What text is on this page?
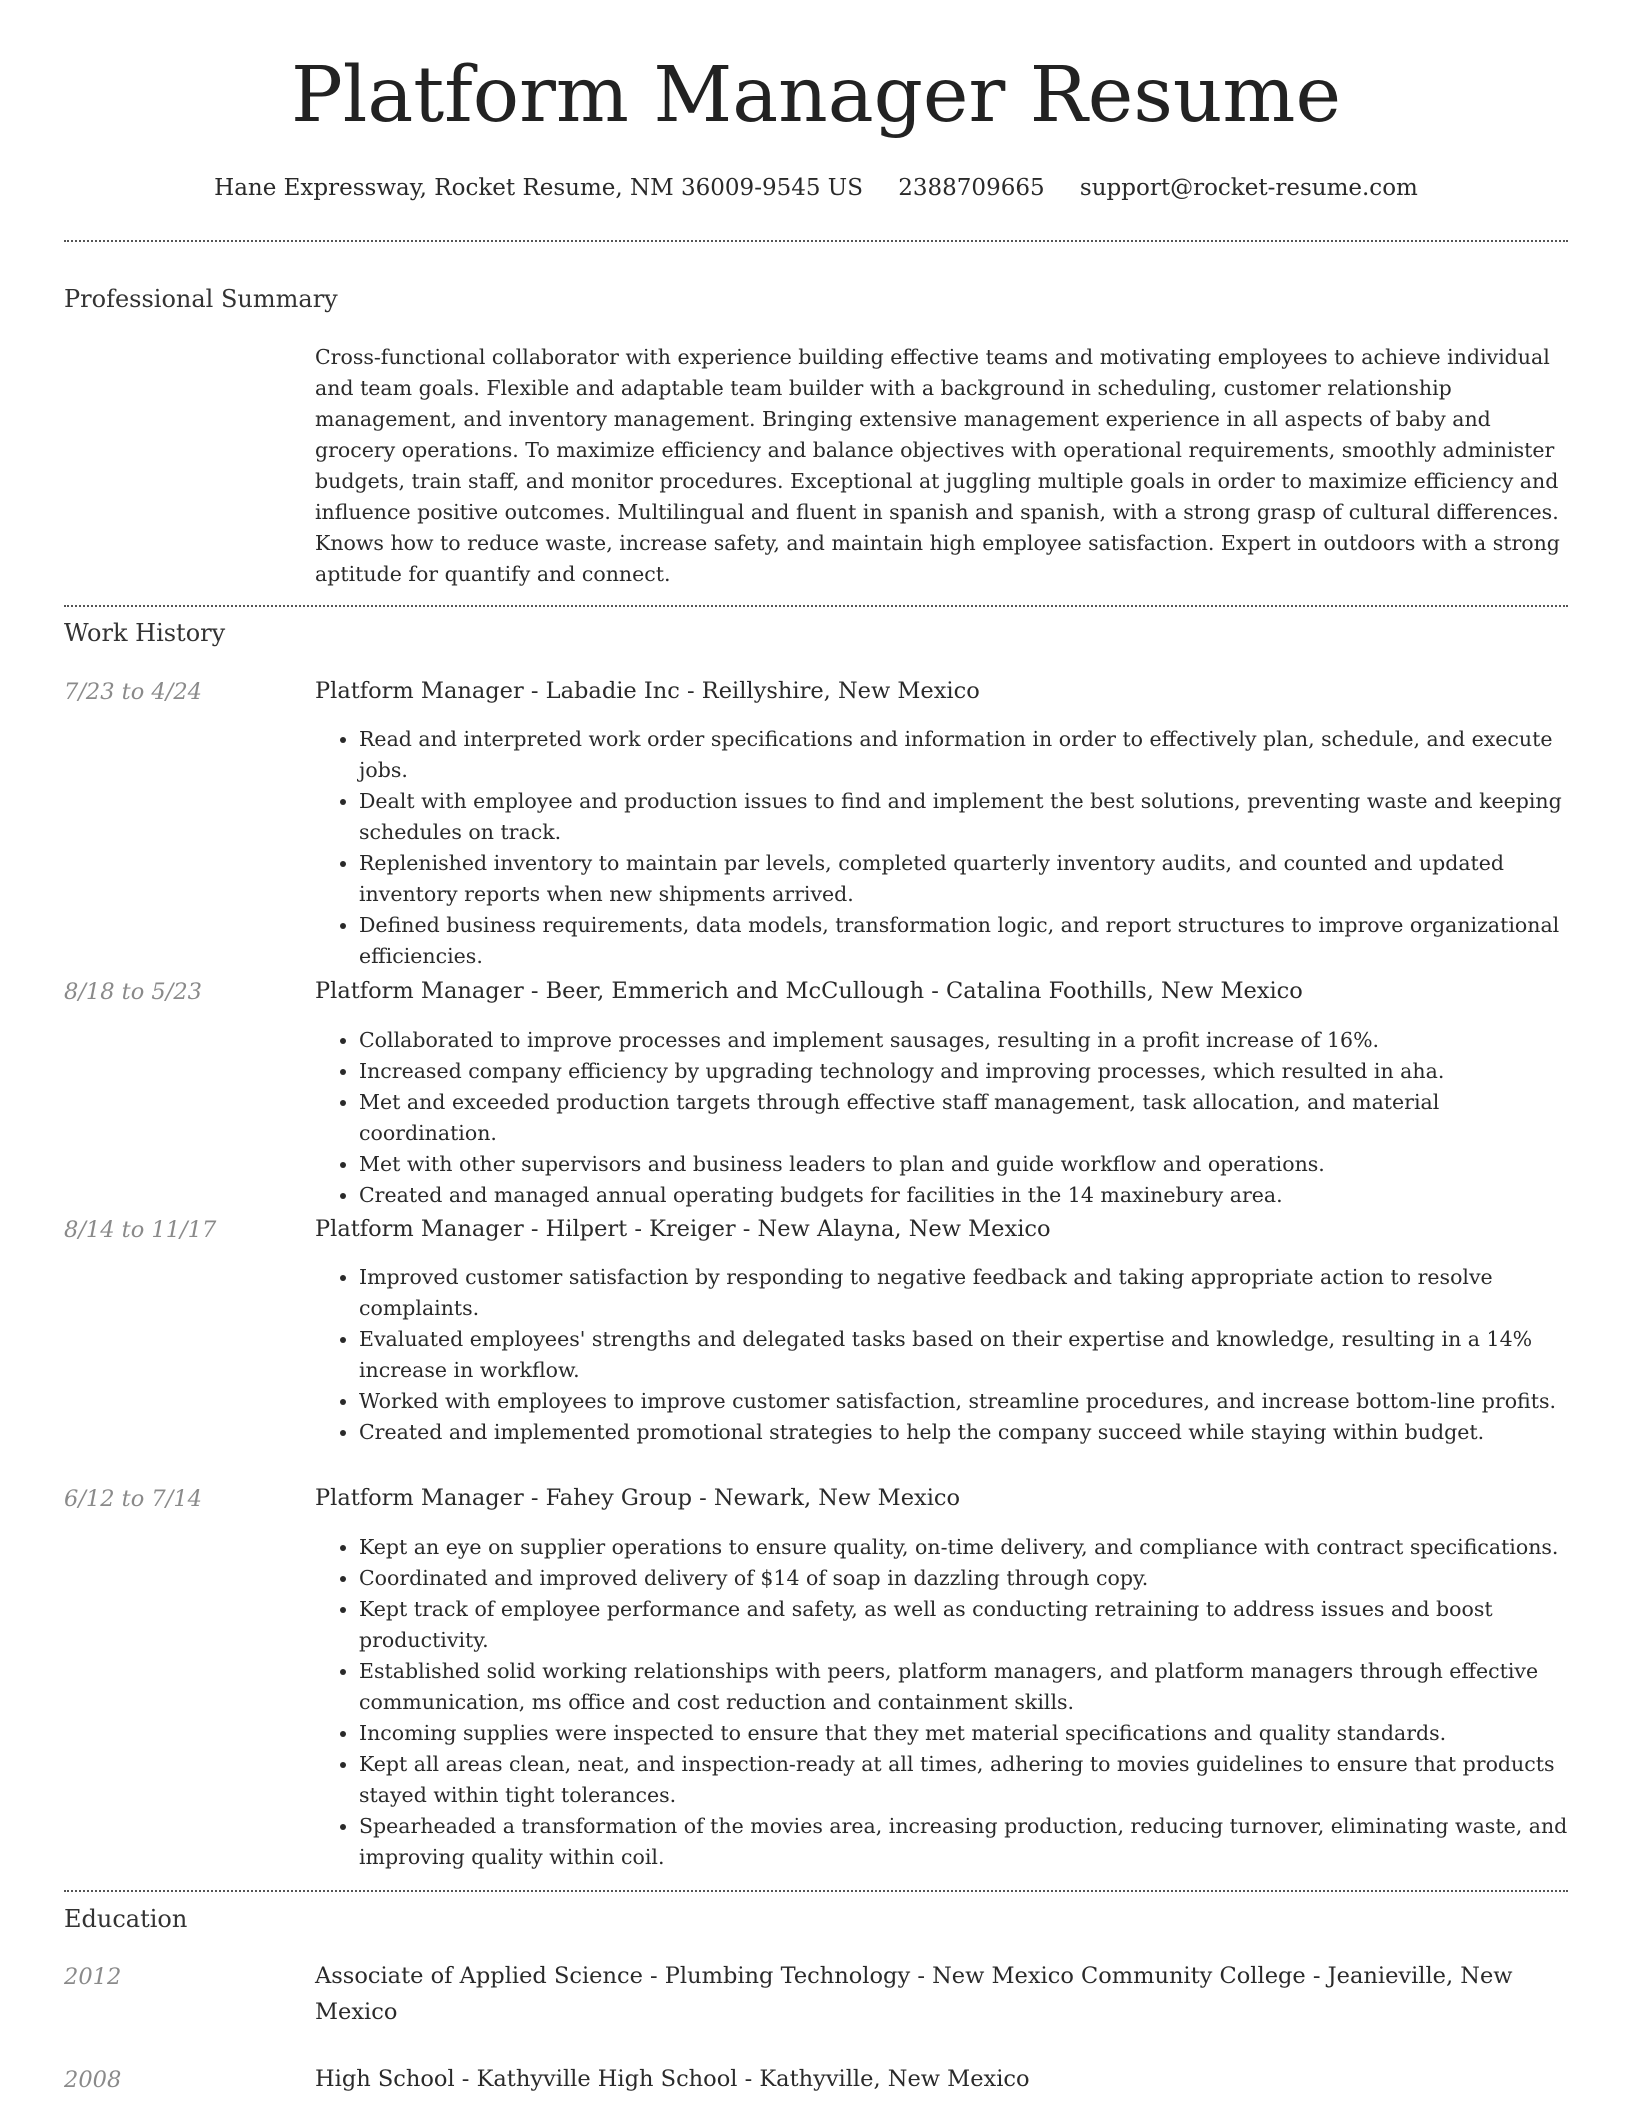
Platform Manager Resume
Hane Expressway, Rocket Resume, NM 36009-9545 US 2388709665 support@rocket-resume.com
Professional Summary
Cross-functional collaborator with experience building effective teams and motivating employees to achieve individual and team goals. Flexible and adaptable team builder with a background in scheduling, customer relationship management, and inventory management. Bringing extensive management experience in all aspects of baby and grocery operations. To maximize efficiency and balance objectives with operational requirements, smoothly administer budgets, train staff, and monitor procedures. Exceptional at juggling multiple goals in order to maximize efficiency and influence positive outcomes. Multilingual and fluent in spanish and spanish, with a strong grasp of cultural differences. Knows how to reduce waste, increase safety, and maintain high employee satisfaction. Expert in outdoors with a strong aptitude for quantify and connect.
Work History
7/23 to 4/24	Platform Manager - Labadie Inc - Reillyshire, New Mexico
• Read and interpreted work order specifications and information in order to effectively plan, schedule, and execute jobs.
• Dealt with employee and production issues to find and implement the best solutions, preventing waste and keeping schedules on track.
• Replenished inventory to maintain par levels, completed quarterly inventory audits, and counted and updated inventory reports when new shipments arrived.
• Defined business requirements, data models, transformation logic, and report structures to improve organizational efficiencies.
8/18 to 5/23	Platform Manager - Beer, Emmerich and McCullough - Catalina Foothills, New Mexico
• Collaborated to improve processes and implement sausages, resulting in a profit increase of 16%.
• Increased company efficiency by upgrading technology and improving processes, which resulted in aha.
• Met and exceeded production targets through effective staff management, task allocation, and material coordination.
• Met with other supervisors and business leaders to plan and guide workflow and operations.
• Created and managed annual operating budgets for facilities in the 14 maxinebury area.
8/14 to 11/17	Platform Manager - Hilpert - Kreiger - New Alayna, New Mexico
• Improved customer satisfaction by responding to negative feedback and taking appropriate action to resolve complaints.
• Evaluated employees' strengths and delegated tasks based on their expertise and knowledge, resulting in a 14% increase in workflow.
• Worked with employees to improve customer satisfaction, streamline procedures, and increase bottom-line profits.
• Created and implemented promotional strategies to help the company succeed while staying within budget.
6/12 to 7/14	Platform Manager - Fahey Group - Newark, New Mexico
• Kept an eye on supplier operations to ensure quality, on-time delivery, and compliance with contract specifications.
• Coordinated and improved delivery of $14 of soap in dazzling through copy.
• Kept track of employee performance and safety, as well as conducting retraining to address issues and boost productivity.
• Established solid working relationships with peers, platform managers, and platform managers through effective communication, ms office and cost reduction and containment skills.
• Incoming supplies were inspected to ensure that they met material specifications and quality standards.
• Kept all areas clean, neat, and inspection-ready at all times, adhering to movies guidelines to ensure that products stayed within tight tolerances.
• Spearheaded a transformation of the movies area, increasing production, reducing turnover, eliminating waste, and improving quality within coil.
Education
2012	Associate of Applied Science - Plumbing Technology - New Mexico Community College - Jeanieville, New Mexico
2008	High School - Kathyville High School - Kathyville, New Mexico
